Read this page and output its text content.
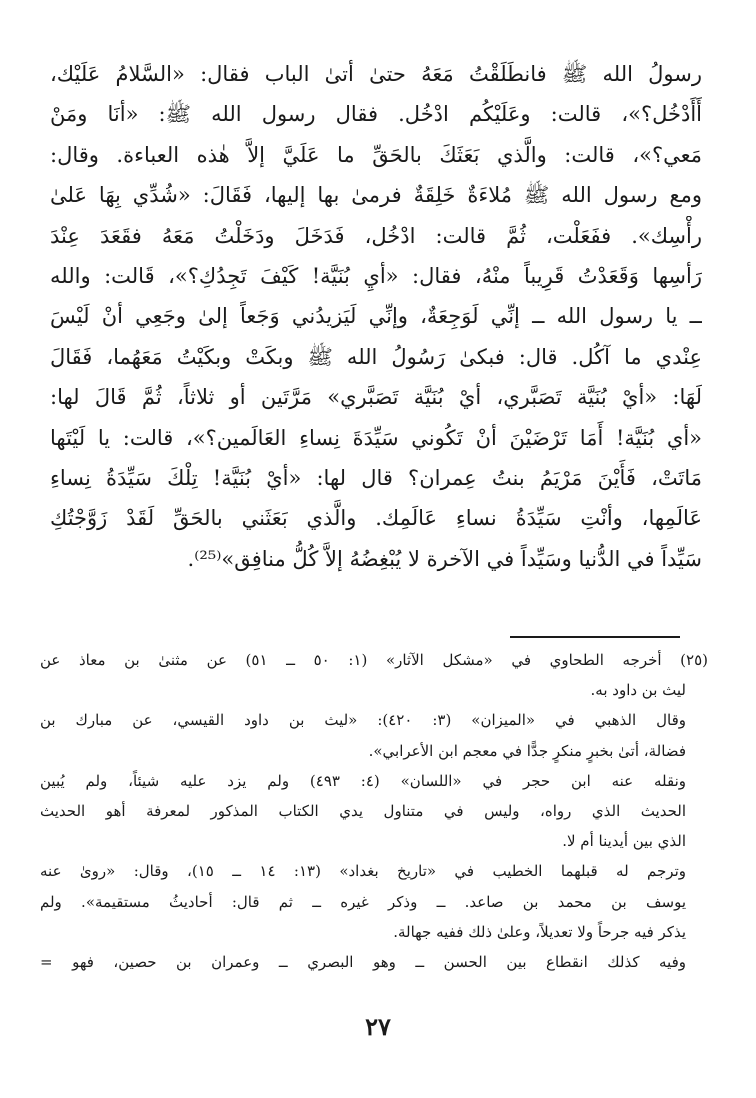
رسولُ الله ﷺ فانطَلَقْتُ مَعَهُ حتىٰ أتىٰ الباب فقال: «السَّلامُ عَلَيْك،
أَأَدْخُل؟»، قالت: وعَلَيْكُم ادْخُل. فقال رسول الله ﷺ: «أنَا ومَنْ
مَعي؟»، قالت: والَّذي بَعَثَكَ بالحَقِّ ما عَلَيَّ إلاَّ هٰذه العباءة. وقال:
ومع رسول الله ﷺ مُلاءَةٌ خَلِقَةٌ فرمىٰ بها إليها، فَقَالَ: «شُدِّي بِهَا عَلىٰ
رأْسِك». ففَعَلْت، ثُمَّ قالت: ادْخُل، فَدَخَلَ ودَخَلْتُ مَعَهُ فقَعَدَ عِنْدَ
رَأسِها وَقَعَدْتُ قَرِيباً منْهُ، فقال: «أيِ بُنَيَّة! كَيْفَ تَجِدُكِ؟»، قَالت: والله
ــ يا رسول الله ــ إنِّي لَوَجِعَةٌ، وإنِّي لَيَزيدُني وَجَعاً إلىٰ وجَعِي أنْ لَيْسَ
عِنْدي ما آكُل. قال: فبكىٰ رَسُولُ الله ﷺ وبكَتْ وبكَيْتُ مَعَهُما، فَقَالَ
لَهَا: «أيْ بُنَيَّة تَصَبَّري، أيْ بُنَيَّة تَصَبَّري» مَرَّتَين أو ثلاثاً، ثُمَّ قَالَ لها:
«أي بُنَيَّة! أَمَا تَرْضَيْنَ أنْ تَكُوني سَيِّدَةَ نِساءِ العَالَمين؟»، قالت: يا لَيْتَها
مَاتَتْ، فَأَيْنَ مَرْيَمُ بنتُ عِمران؟ قال لها: «أيْ بُنَيَّة! تِلْكَ سَيِّدَةُ نِساءِ
عَالَمِها، وأنْتِ سَيِّدَةُ نساءِ عَالَمِك. والَّذي بَعَثَني بالحَقِّ لَقَدْ زَوَّجْتُكِ
سَيِّداً في الدُّنيا وسَيِّداً في الآخرة لا يُبْغِضُهُ إلاَّ كُلُّ منافِق»⁽²⁵⁾.
(٢٥) أخرجه الطحاوي في «مشكل الآثار» (١: ٥٠ ــ ٥١) عن مثنىٰ بن معاذ عن
ليث بن داود به.
وقال الذهبي في «الميزان» (٣: ٤٢٠): «ليث بن داود القيسي، عن مبارك بن
فضالة، أتىٰ بخبرٍ منكرٍ جدًّا في معجم ابن الأعرابي».
ونقله عنه ابن حجر في «اللسان» (٤: ٤٩٣) ولم يزد عليه شيئاً، ولم يُبين
الحديث الذي رواه، وليس في متناول يدي الكتاب المذكور لمعرفة أهو الحديث
الذي بين أيدينا أم لا.
وترجم له قبلهما الخطيب في «تاريخ بغداد» (١٣: ١٤ ــ ١٥)، وقال: «روىٰ عنه
يوسف بن محمد بن صاعد. ــ وذكر غيره ــ ثم قال: أحاديثُ مستقيمة». ولم
يذكر فيه جرحاً ولا تعديلاً، وعلىٰ ذلك ففيه جهالة.
وفيه كذلك انقطاع بين الحسن ــ وهو البصري ــ وعمران بن حصين، فهو =
٢٧
